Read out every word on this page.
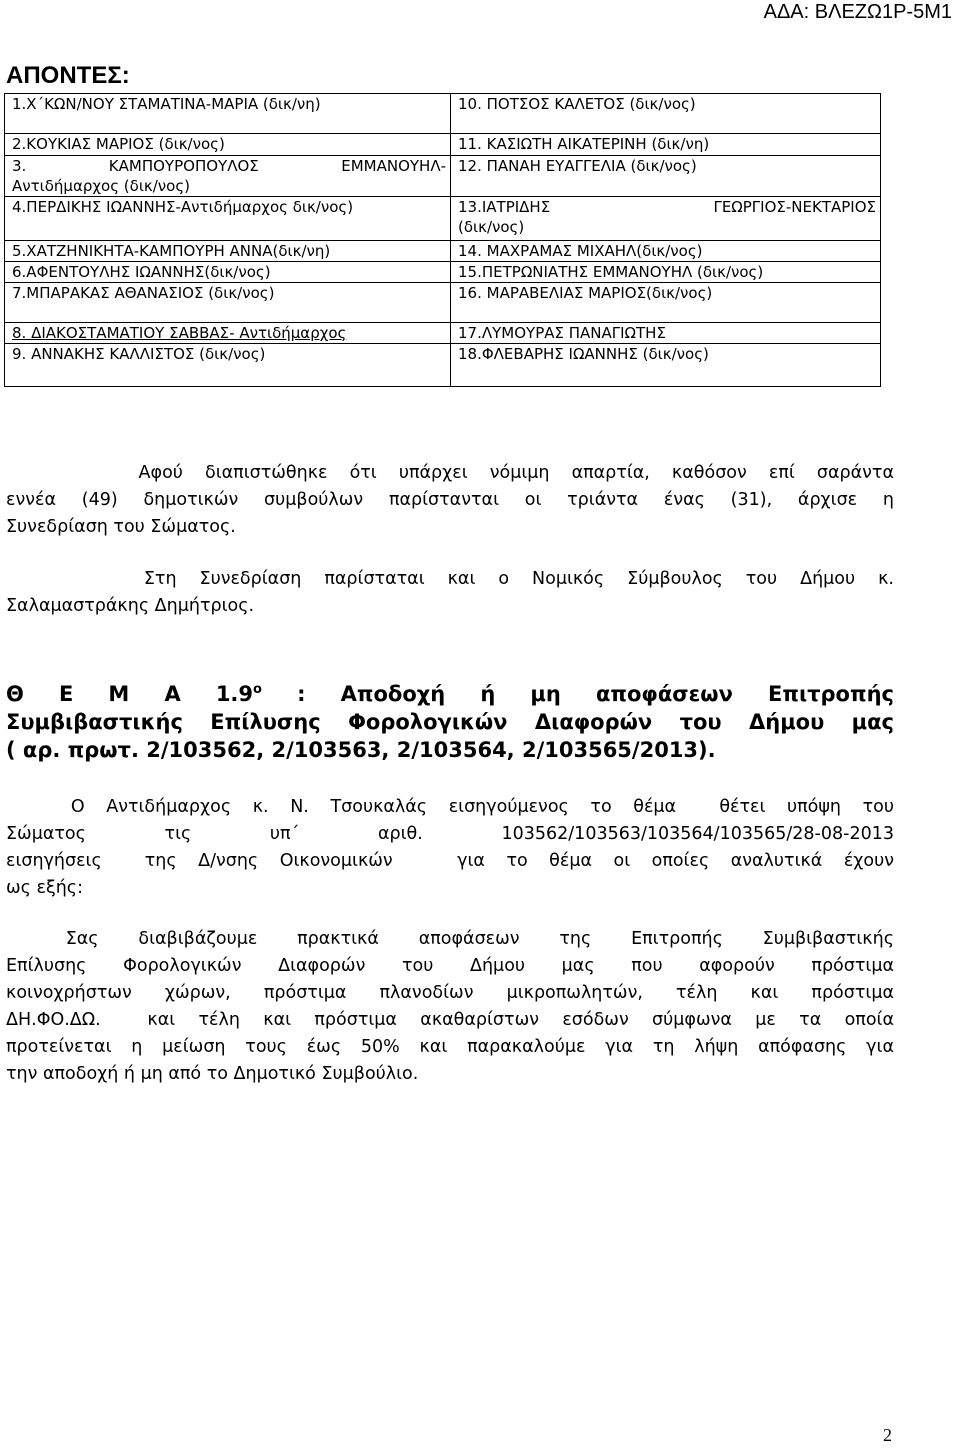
ΑΔΑ: ΒΛΕΖΩ1Ρ-5Μ1
ΑΠΟΝΤΕΣ:
1.Χ΄ΚΩΝ/ΝΟΥ ΣΤΑΜΑΤΙΝΑ-ΜΑΡΙΑ (δικ/νη)	10. ΠΟΤΣΟΣ ΚΑΛΕΤΟΣ (δικ/νος)
2.ΚΟΥΚΙΑΣ ΜΑΡΙΟΣ (δικ/νος)	11. ΚΑΣΙΩΤΗ ΑΙΚΑΤΕΡΙΝΗ (δικ/νη)

3.   ΚΑΜΠΟΥΡΟΠΟΥΛΟΣ   ΕΜΜΑΝΟΥΗΛ-
Αντιδήμαρχος (δικ/νος)	12. ΠΑΝΑΗ ΕΥΑΓΓΕΛΙΑ (δικ/νος)
4.ΠΕΡΔΙΚΗΣ ΙΩΑΝΝΗΣ-Αντιδήμαρχος δικ/νος)	13.ΙΑΤΡΙΔΗΣ   ΓΕΩΡΓΙΟΣ-ΝΕΚΤΑΡΙΟΣ
(δικ/νος)

5.ΧΑΤΖΗΝΙΚΗΤΑ-ΚΑΜΠΟΥΡΗ ΑΝΝΑ(δικ/νη)	14. ΜΑΧΡΑΜΑΣ ΜΙΧΑΗΛ(δικ/νος)
6.ΑΦΕΝΤΟΥΛΗΣ ΙΩΑΝΝΗΣ(δικ/νος)	15.ΠΕΤΡΩΝΙΑΤΗΣ ΕΜΜΑΝΟΥΗΛ (δικ/νος)
7.ΜΠΑΡΑΚΑΣ ΑΘΑΝΑΣΙΟΣ (δικ/νος)	16. ΜΑΡΑΒΕΛΙΑΣ ΜΑΡΙΟΣ(δικ/νος)
8. ΔΙΑΚΟΣΤΑΜΑΤΙΟΥ ΣΑΒΒΑΣ- Αντιδήμαρχος	17.ΛΥΜΟΥΡΑΣ ΠΑΝΑΓΙΩΤΗΣ
9. ΑΝΝΑΚΗΣ ΚΑΛΛΙΣΤΟΣ (δικ/νος)	18.ΦΛΕΒΑΡΗΣ ΙΩΑΝΝΗΣ (δικ/νος)
Αφού διαπιστώθηκε ότι υπάρχει νόμιμη απαρτία, καθόσον επί σαράντα
εννέα (49) δημοτικών συμβούλων παρίστανται οι τριάντα ένας (31), άρχισε η
Συνεδρίαση του Σώματος.
Στη Συνεδρίαση παρίσταται και ο Νομικός Σύμβουλος του Δήμου κ.
Σαλαμαστράκης Δημήτριος.
Θ  Ε  Μ  Α  $1.9^o$  :  Αποδοχή  ή  μη  αποφάσεων  Επιτροπής
Συμβιβαστικής Επίλυσης Φορολογικών Διαφορών του Δήμου μας
( αρ. πρωτ. 2/103562, 2/103563, 2/103564, 2/103565/2013).
Ο Αντιδήμαρχος κ. Ν. Τσουκαλάς εισηγούμενος το θέμα  θέτει υπόψη του
Σώματος   τις   υπ΄   αριθ.   103562/103563/103564/103565/28-08-2013
εισηγήσεις  της Δ/νσης Οικονομικών   για το θέμα οι οποίες αναλυτικά έχουν
ως εξής:
Σας  διαβιβάζουμε  πρακτικά  αποφάσεων  της  Επιτροπής  Συμβιβαστικής
Επίλυσης Φορολογικών Διαφορών του Δήμου μας που αφορούν πρόστιμα
κοινοχρήστων χώρων, πρόστιμα πλανοδίων μικροπωλητών, τέλη και πρόστιμα
ΔΗ.ΦΟ.ΔΩ.  και τέλη και πρόστιμα ακαθαρίστων εσόδων σύμφωνα με τα οποία
προτείνεται η μείωση τους έως 50% και παρακαλούμε για τη λήψη απόφασης για
την αποδοχή ή μη από το Δημοτικό Συμβούλιο.
2
